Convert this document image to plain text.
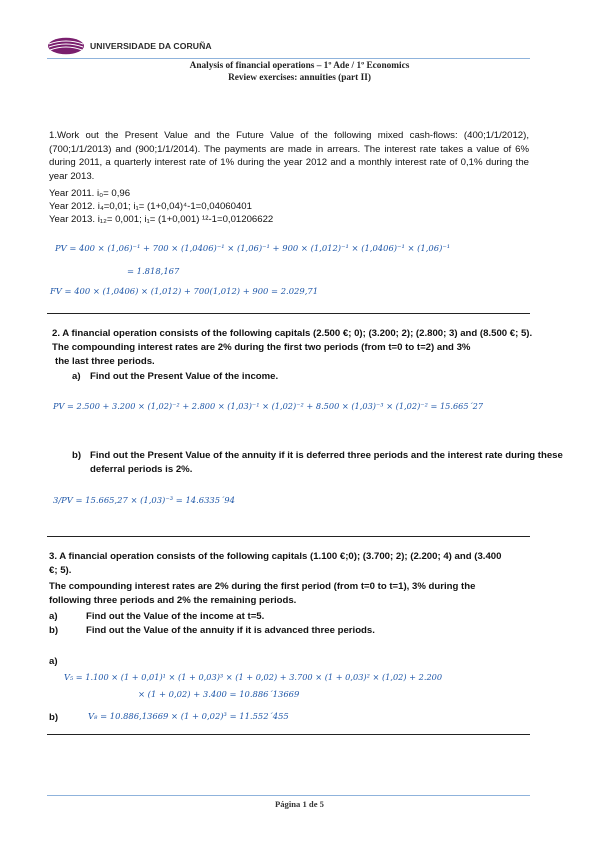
UNIVERSIDADE DA CORUÑA
Analysis of financial operations – 1º Ade / 1º Economics
Review exercises: annuities (part II)
1.Work out the Present Value and the Future Value of the following mixed cash-flows: (400;1/1/2012), (700;1/1/2013) and (900;1/1/2014). The payments are made in arrears. The interest rate takes a value of 6% during 2011, a quarterly interest rate of 1% during the year 2012 and a monthly interest rate of 0,1% during the year 2013.
Year 2011. i₀= 0,96
Year 2012. i₄=0,01; i₁= (1+0,04)⁴-1=0,04060401
Year 2013. i₁₂= 0,001; i₁= (1+0,001) ¹²-1=0,01206622
PV = 400 × (1,06)⁻¹ + 700 × (1,0406)⁻¹ × (1,06)⁻¹ + 900 × (1,012)⁻¹ × (1,0406)⁻¹ × (1,06)⁻¹
= 1.818,167
FV = 400 × (1,0406) × (1,012) + 700(1,012) + 900 = 2.029,71
2. A financial operation consists of the following capitals (2.500 €; 0); (3.200; 2); (2.800; 3) and (8.500 €; 5).
The compounding interest rates are 2% during the first two periods (from t=0 to t=2) and 3%
the last three periods.
a) Find out the Present Value of the income.
PV = 2.500 + 3.200 × (1,02)⁻² + 2.800 × (1,03)⁻¹ × (1,02)⁻² + 8.500 × (1,03)⁻³ × (1,02)⁻² = 15.665´27
b) Find out the Present Value of the annuity if it is deferred three periods and the interest rate during these
deferral periods is 2%.
3/PV = 15.665,27 × (1,03)⁻³ = 14.6335´94
3. A financial operation consists of the following capitals (1.100 €;0); (3.700; 2); (2.200; 4) and (3.400
€; 5).
The compounding interest rates are 2% during the first period (from t=0 to t=1), 3% during the
following three periods and 2% the remaining periods.
a)	Find out the Value of the income at t=5.
b)	Find out the Value of the annuity if it is advanced three periods.
a)
V₅ = 1.100 × (1 + 0,01)¹ × (1 + 0,03)³ × (1 + 0,02) + 3.700 × (1 + 0,03)² × (1,02) + 2.200
× (1 + 0,02) + 3.400 = 10.886´13669
b)	V₈ = 10.886,13669 × (1 + 0,02)³ = 11.552´455
Página 1 de 5
